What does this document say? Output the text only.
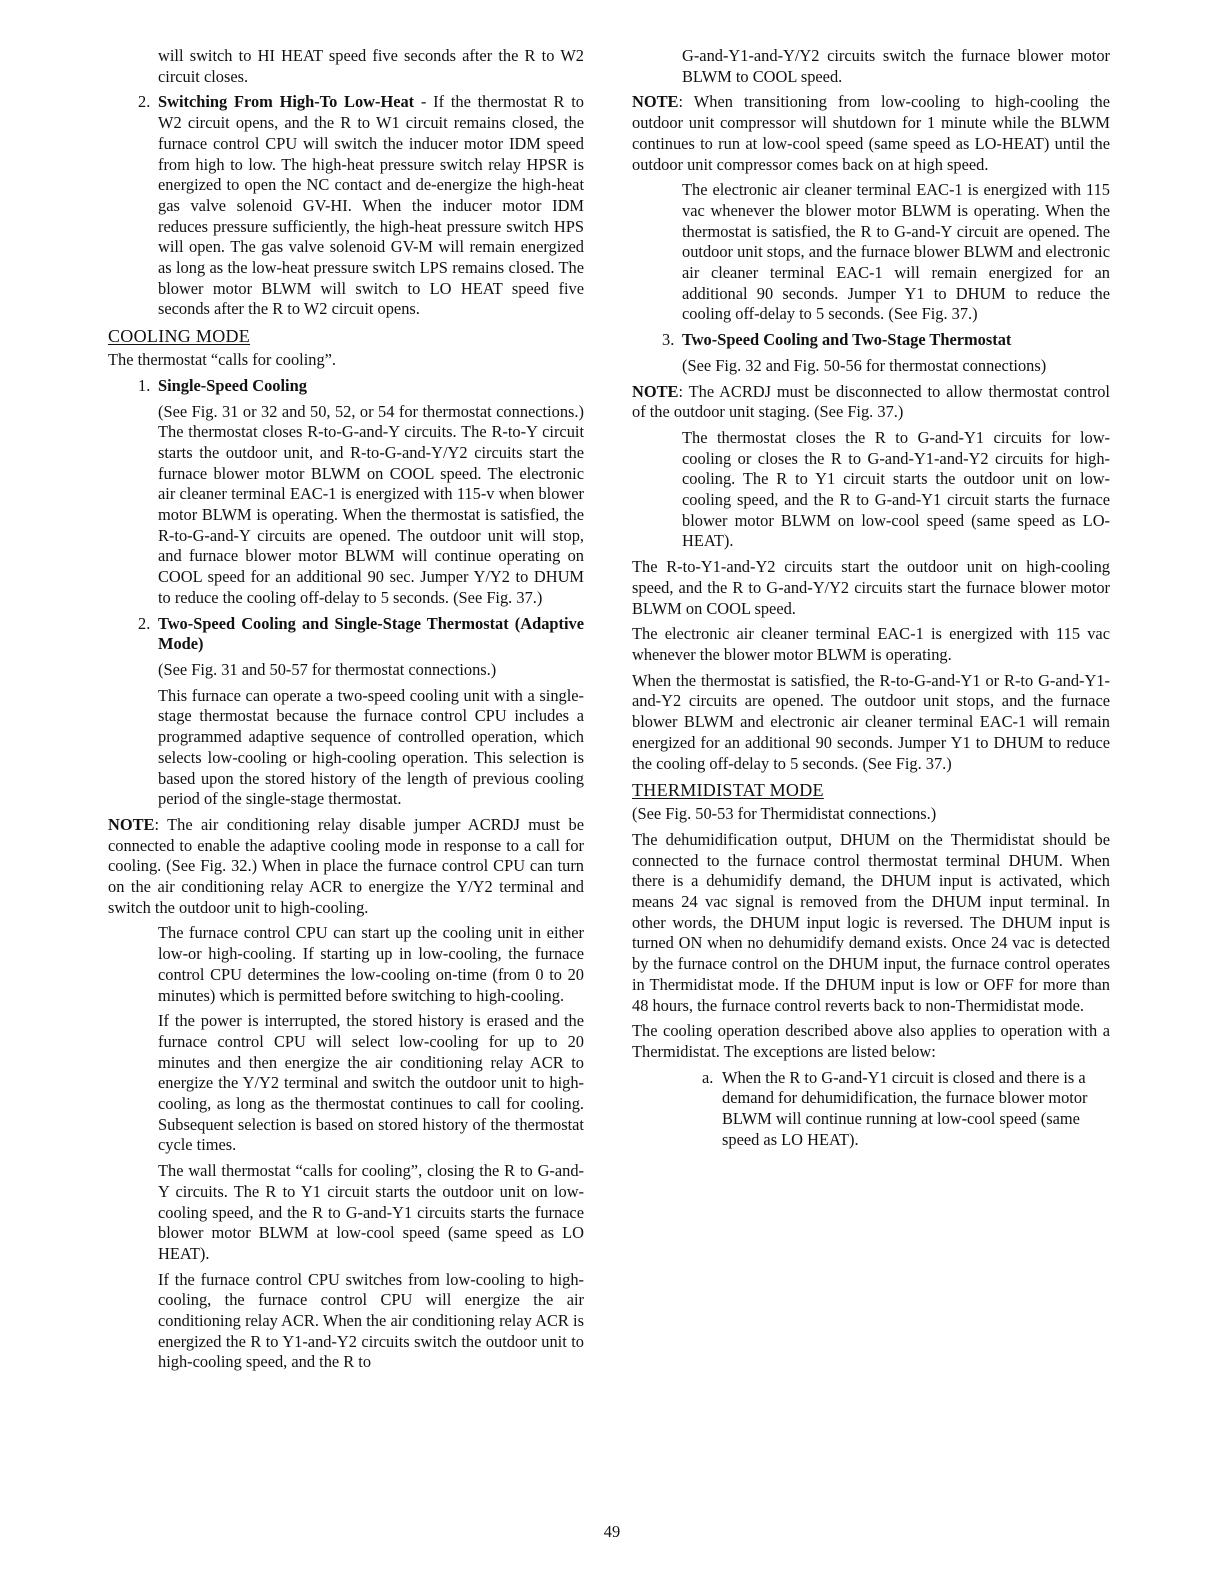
will switch to HI HEAT speed five seconds after the R to W2 circuit closes.

2. Switching From High-To Low-Heat - If the thermostat R to W2 circuit opens, and the R to W1 circuit remains closed, the furnace control CPU will switch the inducer motor IDM speed from high to low. The high-heat pressure switch relay HPSR is energized to open the NC contact and de-energize the high-heat gas valve solenoid GV-HI. When the inducer motor IDM reduces pressure sufficiently, the high-heat pressure switch HPS will open. The gas valve solenoid GV-M will remain energized as long as the low-heat pressure switch LPS remains closed. The blower motor BLWM will switch to LO HEAT speed five seconds after the R to W2 circuit opens.
COOLING MODE

The thermostat “calls for cooling”.

1. Single-Speed Cooling

(See Fig. 31 or 32 and 50, 52, or 54 for thermostat connections.) The thermostat closes R-to-G-and-Y circuits. The R-to-Y circuit starts the outdoor unit, and R-to-G-and-Y/Y2 circuits start the furnace blower motor BLWM on COOL speed. The electronic air cleaner terminal EAC-1 is energized with 115-v when blower motor BLWM is operating. When the thermostat is satisfied, the R-to-G-and-Y circuits are opened. The outdoor unit will stop, and furnace blower motor BLWM will continue operating on COOL speed for an additional 90 sec. Jumper Y/Y2 to DHUM to reduce the cooling off-delay to 5 seconds. (See Fig. 37.)

2. Two-Speed Cooling and Single-Stage Thermostat (Adaptive Mode)

(See Fig. 31 and 50-57 for thermostat connections.)

This furnace can operate a two-speed cooling unit with a single-stage thermostat because the furnace control CPU includes a programmed adaptive sequence of controlled operation, which selects low-cooling or high-cooling operation. This selection is based upon the stored history of the length of previous cooling period of the single-stage thermostat.

NOTE: The air conditioning relay disable jumper ACRDJ must be connected to enable the adaptive cooling mode in response to a call for cooling. (See Fig. 32.) When in place the furnace control CPU can turn on the air conditioning relay ACR to energize the Y/Y2 terminal and switch the outdoor unit to high-cooling.

The furnace control CPU can start up the cooling unit in either low-or high-cooling. If starting up in low-cooling, the furnace control CPU determines the low-cooling on-time (from 0 to 20 minutes) which is permitted before switching to high-cooling.

If the power is interrupted, the stored history is erased and the furnace control CPU will select low-cooling for up to 20 minutes and then energize the air conditioning relay ACR to energize the Y/Y2 terminal and switch the outdoor unit to high-cooling, as long as the thermostat continues to call for cooling. Subsequent selection is based on stored history of the thermostat cycle times.

The wall thermostat “calls for cooling”, closing the R to G-and-Y circuits. The R to Y1 circuit starts the outdoor unit on low-cooling speed, and the R to G-and-Y1 circuits starts the furnace blower motor BLWM at low-cool speed (same speed as LO HEAT).

If the furnace control CPU switches from low-cooling to high-cooling, the furnace control CPU will energize the air conditioning relay ACR. When the air conditioning relay ACR is energized the R to Y1-and-Y2 circuits switch the outdoor unit to high-cooling speed, and the R to

G-and-Y1-and-Y/Y2 circuits switch the furnace blower motor BLWM to COOL speed.

NOTE: When transitioning from low-cooling to high-cooling the outdoor unit compressor will shutdown for 1 minute while the BLWM continues to run at low-cool speed (same speed as LO-HEAT) until the outdoor unit compressor comes back on at high speed.

The electronic air cleaner terminal EAC-1 is energized with 115 vac whenever the blower motor BLWM is operating. When the thermostat is satisfied, the R to G-and-Y circuit are opened. The outdoor unit stops, and the furnace blower BLWM and electronic air cleaner terminal EAC-1 will remain energized for an additional 90 seconds. Jumper Y1 to DHUM to reduce the cooling off-delay to 5 seconds. (See Fig. 37.)

3. Two-Speed Cooling and Two-Stage Thermostat

(See Fig. 32 and Fig. 50-56 for thermostat connections)

NOTE: The ACRDJ must be disconnected to allow thermostat control of the outdoor unit staging. (See Fig. 37.)

The thermostat closes the R to G-and-Y1 circuits for low-cooling or closes the R to G-and-Y1-and-Y2 circuits for high-cooling. The R to Y1 circuit starts the outdoor unit on low-cooling speed, and the R to G-and-Y1 circuit starts the furnace blower motor BLWM on low-cool speed (same speed as LO-HEAT).

The R-to-Y1-and-Y2 circuits start the outdoor unit on high-cooling speed, and the R to G-and-Y/Y2 circuits start the furnace blower motor BLWM on COOL speed.

The electronic air cleaner terminal EAC-1 is energized with 115 vac whenever the blower motor BLWM is operating.

When the thermostat is satisfied, the R-to-G-and-Y1 or R-to G-and-Y1-and-Y2 circuits are opened. The outdoor unit stops, and the furnace blower BLWM and electronic air cleaner terminal EAC-1 will remain energized for an additional 90 seconds. Jumper Y1 to DHUM to reduce the cooling off-delay to 5 seconds. (See Fig. 37.)

THERMIDISTAT MODE

(See Fig. 50-53 for Thermidistat connections.)

The dehumidification output, DHUM on the Thermidistat should be connected to the furnace control thermostat terminal DHUM. When there is a dehumidify demand, the DHUM input is activated, which means 24 vac signal is removed from the DHUM input terminal. In other words, the DHUM input logic is reversed. The DHUM input is turned ON when no dehumidify demand exists. Once 24 vac is detected by the furnace control on the DHUM input, the furnace control operates in Thermidistat mode. If the DHUM input is low or OFF for more than 48 hours, the furnace control reverts back to non-Thermidistat mode.

The cooling operation described above also applies to operation with a Thermidistat. The exceptions are listed below:

a. When the R to G-and-Y1 circuit is closed and there is a demand for dehumidification, the furnace blower motor BLWM will continue running at low-cool speed (same speed as LO HEAT).
49
